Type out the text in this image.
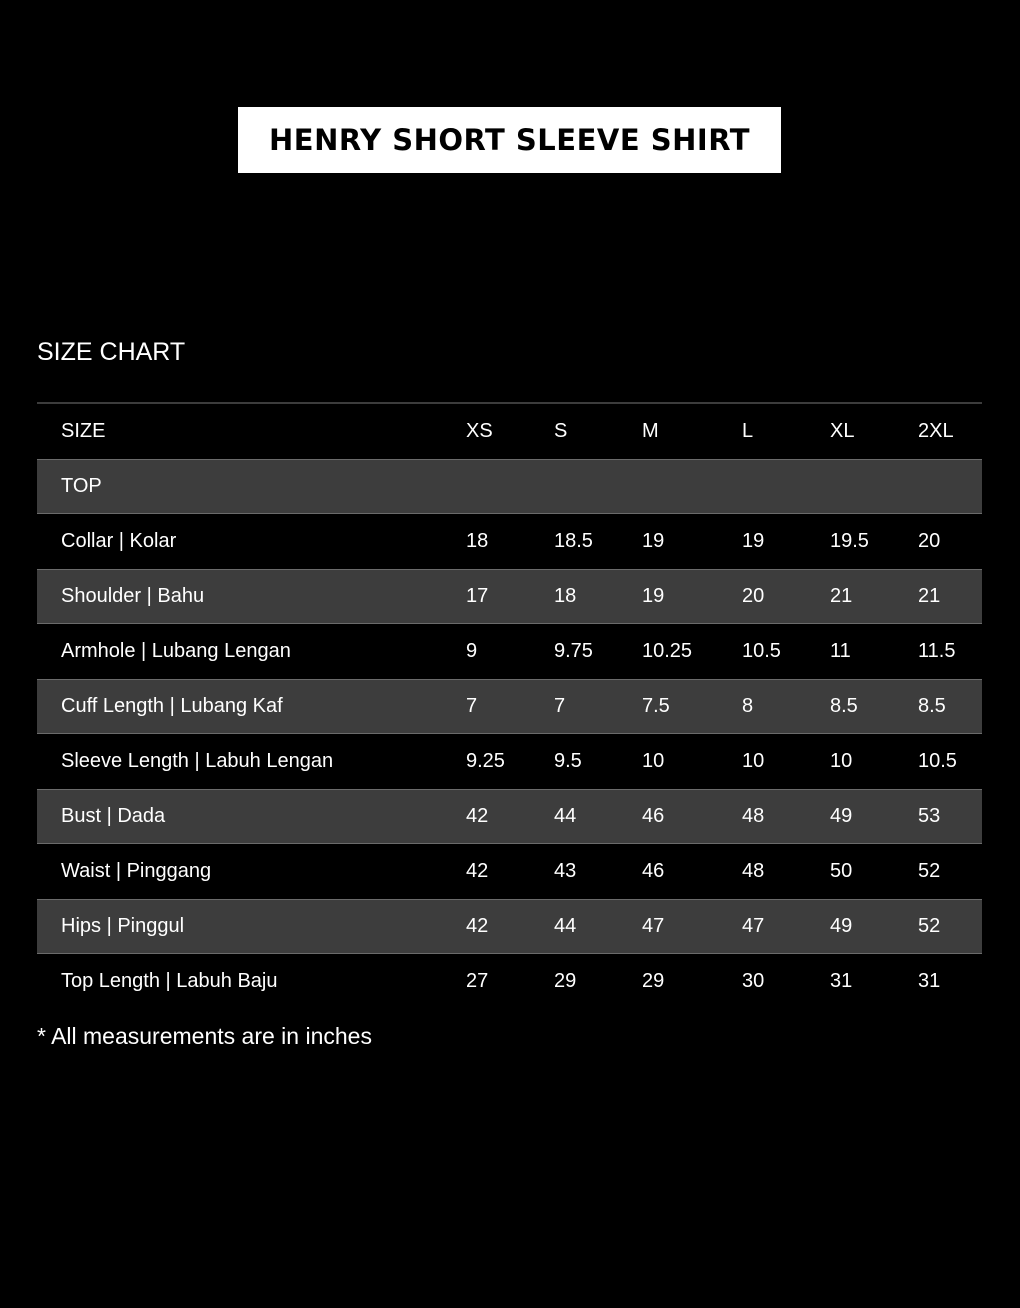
HENRY SHORT SLEEVE SHIRT
SIZE CHART
SIZE	XS	S	M	L	XL	2XL
TOP
Collar | Kolar	18	18.5	19	19	19.5	20
Shoulder | Bahu	17	18	19	20	21	21
Armhole | Lubang Lengan	9	9.75	10.25	10.5	11	11.5
Cuff Length | Lubang Kaf	7	7	7.5	8	8.5	8.5
Sleeve Length | Labuh Lengan	9.25	9.5	10	10	10	10.5
Bust | Dada	42	44	46	48	49	53
Waist | Pinggang	42	43	46	48	50	52
Hips | Pinggul	42	44	47	47	49	52
Top Length | Labuh Baju	27	29	29	30	31	31
* All measurements are in inches
